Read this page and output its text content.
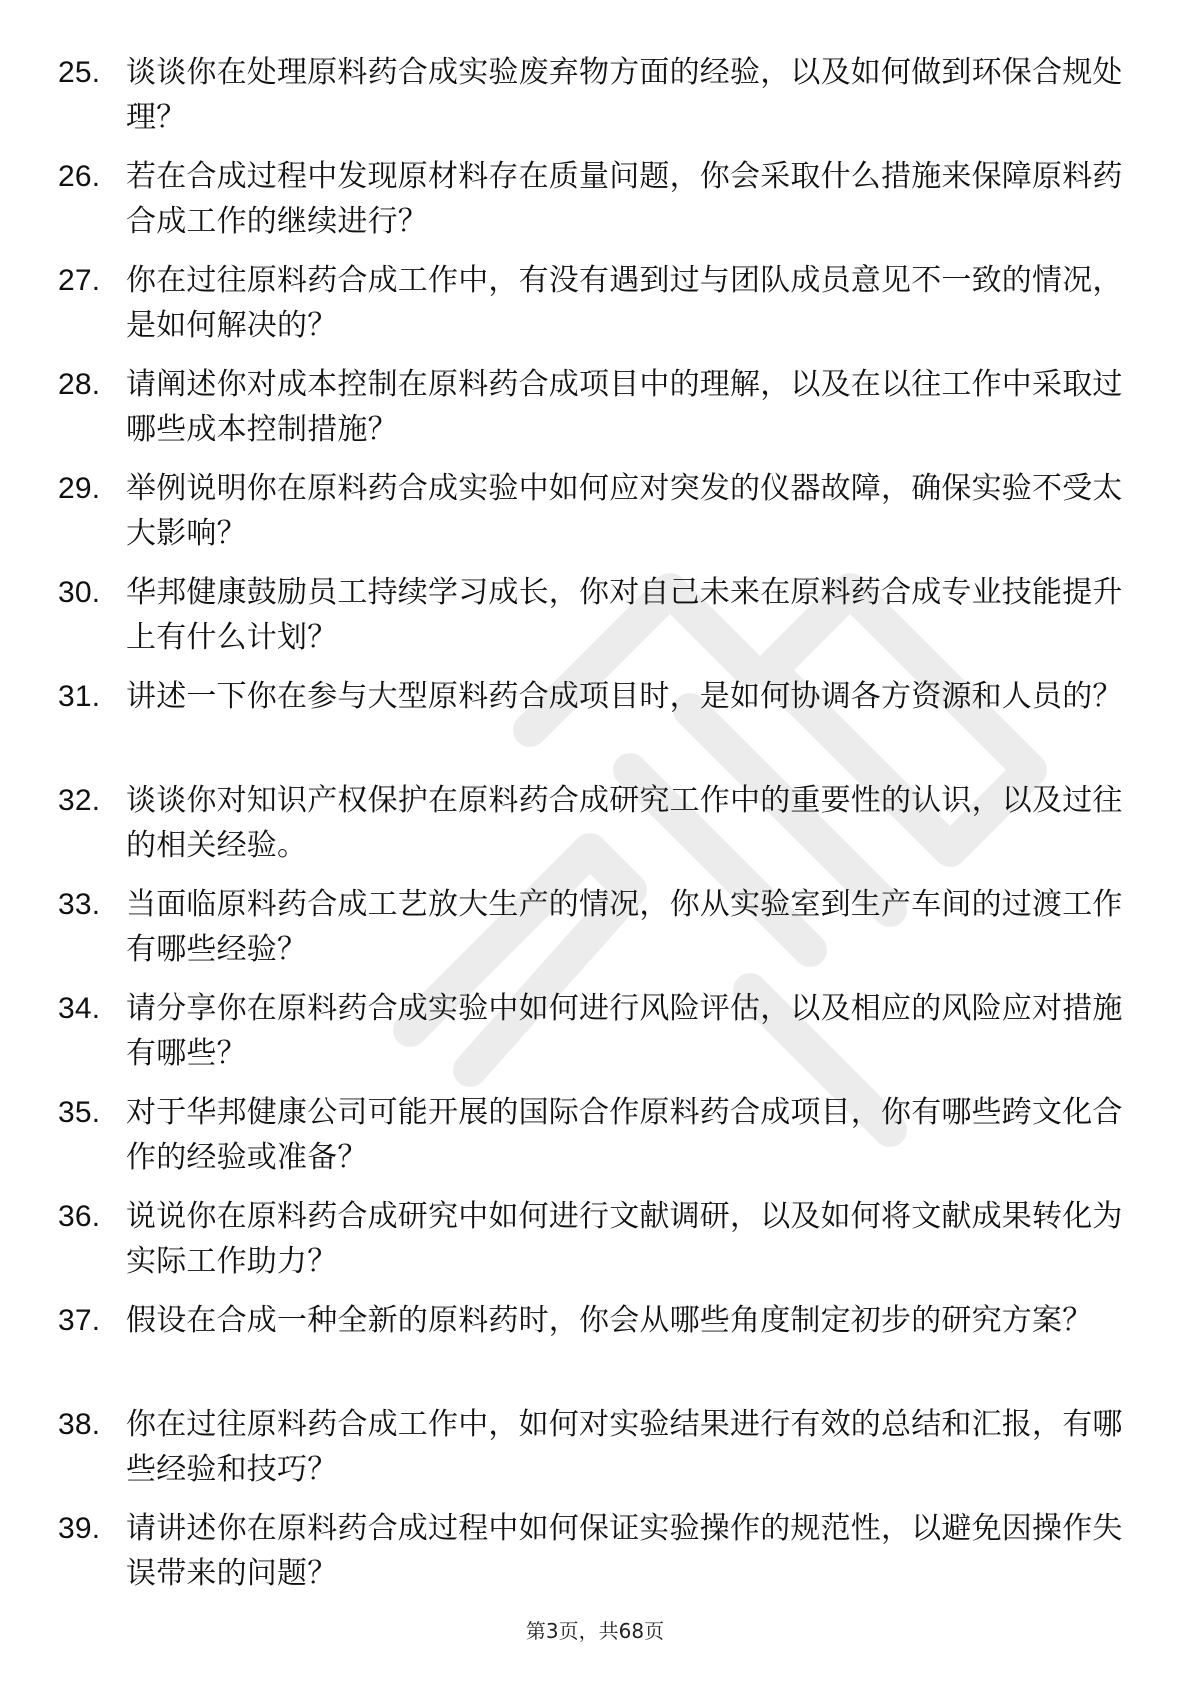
25. 谈谈你在处理原料药合成实验废弃物方面的经验，以及如何做到环保合规处理？
26. 若在合成过程中发现原材料存在质量问题，你会采取什么措施来保障原料药合成工作的继续进行？
27. 你在过往原料药合成工作中，有没有遇到过与团队成员意见不一致的情况，是如何解决的？
28. 请阐述你对成本控制在原料药合成项目中的理解，以及在以往工作中采取过哪些成本控制措施？
29. 举例说明你在原料药合成实验中如何应对突发的仪器故障，确保实验不受太大影响？
30. 华邦健康鼓励员工持续学习成长，你对自己未来在原料药合成专业技能提升上有什么计划？
31. 讲述一下你在参与大型原料药合成项目时，是如何协调各方资源和人员的？
32. 谈谈你对知识产权保护在原料药合成研究工作中的重要性的认识，以及过往的相关经验。
33. 当面临原料药合成工艺放大生产的情况，你从实验室到生产车间的过渡工作有哪些经验？
34. 请分享你在原料药合成实验中如何进行风险评估，以及相应的风险应对措施有哪些？
35. 对于华邦健康公司可能开展的国际合作原料药合成项目，你有哪些跨文化合作的经验或准备？
36. 说说你在原料药合成研究中如何进行文献调研，以及如何将文献成果转化为实际工作助力？
37. 假设在合成一种全新的原料药时，你会从哪些角度制定初步的研究方案？
38. 你在过往原料药合成工作中，如何对实验结果进行有效的总结和汇报，有哪些经验和技巧？
39. 请讲述你在原料药合成过程中如何保证实验操作的规范性，以避免因操作失误带来的问题？
第3页，共68页
